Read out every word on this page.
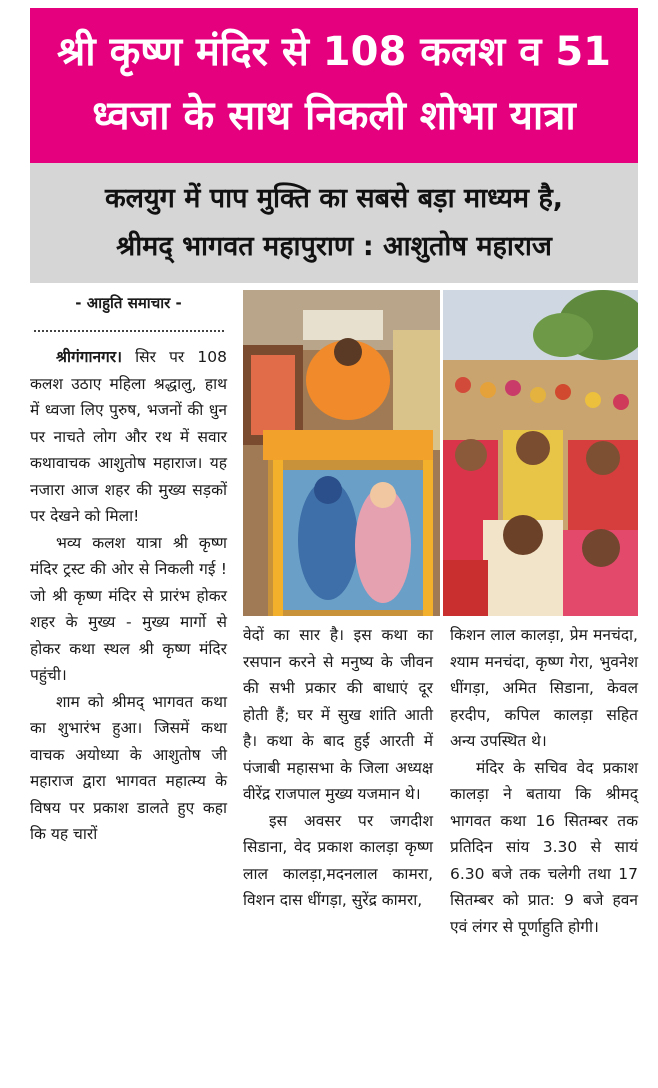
श्री कृष्ण मंदिर से 108 कलश व 51
ध्वजा के साथ निकली शोभा यात्रा
कलयुग में पाप मुक्ति का सबसे बड़ा माध्यम है,
श्रीमद् भागवत महापुराण : आशुतोष महाराज
- आहुति समाचार -

श्रीगंगानगर। सिर पर 108 कलश उठाए महिला श्रद्धालु, हाथ में ध्वजा लिए पुरुष, भजनों की धुन पर नाचते लोग और रथ में सवार कथावाचक आशुतोष महाराज। यह नजारा आज शहर की मुख्य सड़कों पर देखने को मिला!

भव्य कलश यात्रा श्री कृष्ण मंदिर ट्रस्ट की ओर से निकली गई ! जो श्री कृष्ण मंदिर से प्रारंभ होकर शहर के मुख्य - मुख्य मार्गो से होकर कथा स्थल श्री कृष्ण मंदिर पहुंची।

शाम को श्रीमद् भागवत कथा का शुभारंभ हुआ। जिसमें कथा वाचक अयोध्या के आशुतोष जी महाराज द्वारा भागवत महात्म्य के विषय पर प्रकाश डालते हुए कहा कि यह चारों

वेदों का सार है। इस कथा का रसपान करने से मनुष्य के जीवन की सभी प्रकार की बाधाएं दूर होती हैं; घर में सुख शांति आती है। कथा के बाद हुई आरती में पंजाबी महासभा के जिला अध्यक्ष वीरेंद्र राजपाल मुख्य यजमान थे।

इस अवसर पर जगदीश सिडाना, वेद प्रकाश कालड़ा कृष्ण लाल कालड़ा,मदनलाल कामरा, विशन दास धींगड़ा, सुरेंद्र कामरा,

किशन लाल कालड़ा, प्रेम मनचंदा, श्याम मनचंदा, कृष्ण गेरा, भुवनेश धींगड़ा, अमित सिडाना, केवल हरदीप, कपिल कालड़ा सहित अन्य उपस्थित थे।

मंदिर के सचिव वेद प्रकाश कालड़ा ने बताया कि श्रीमद् भागवत कथा 16 सितम्बर तक प्रतिदिन सांय 3.30 से सायं 6.30 बजे तक चलेगी तथा 17 सितम्बर को प्रात: 9 बजे हवन एवं लंगर से पूर्णाहुति होगी।
